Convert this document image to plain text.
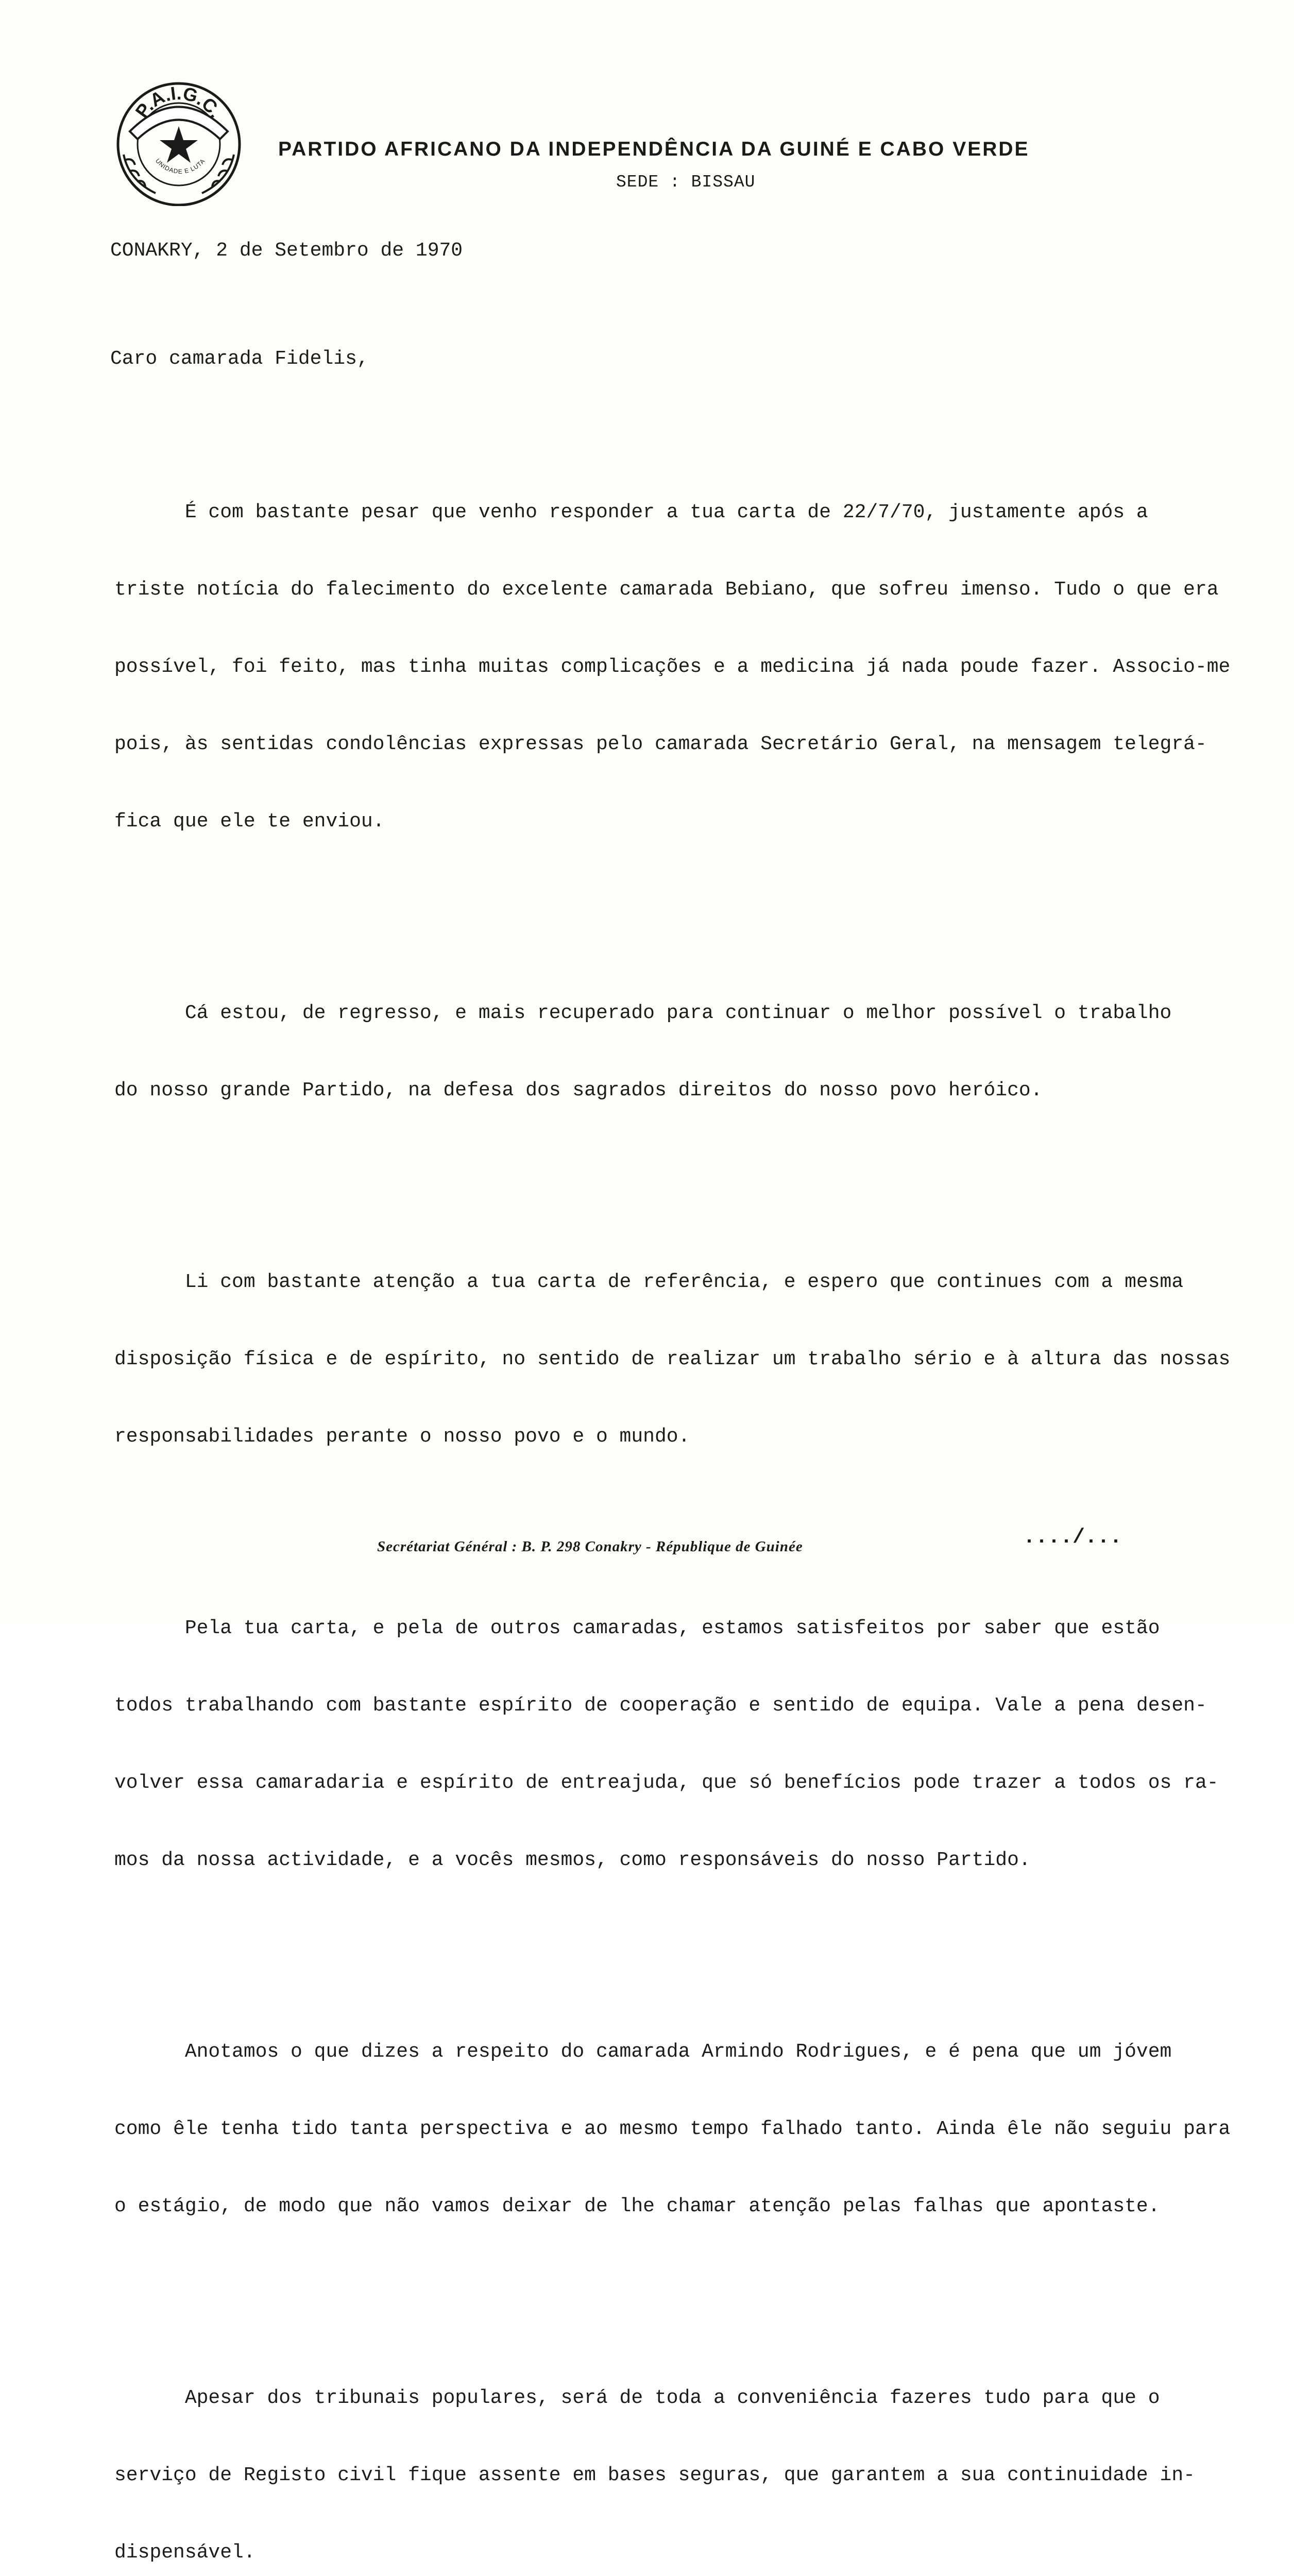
P.A.I.G.C.
UNIDADE E LUTA
PARTIDO AFRICANO DA INDEPENDÊNCIA DA GUINÉ E CABO VERDE
SEDE : BISSAU
CONAKRY, 2 de Setembro de 1970
Caro camarada Fidelis,

É com bastante pesar que venho responder a tua carta de 22/7/70, justamente após a

triste notícia do falecimento do excelente camarada Bebiano, que sofreu imenso. Tudo o que era

possível, foi feito, mas tinha muitas complicações e a medicina já nada poude fazer. Associo-me

pois, às sentidas condolências expressas pelo camarada Secretário Geral, na mensagem telegrá-

fica que ele te enviou.

Cá estou, de regresso, e mais recuperado para continuar o melhor possível o trabalho

do nosso grande Partido, na defesa dos sagrados direitos do nosso povo heróico.

Li com bastante atenção a tua carta de referência, e espero que continues com a mesma

disposição física e de espírito, no sentido de realizar um trabalho sério e à altura das nossas

responsabilidades perante o nosso povo e o mundo.

Pela tua carta, e pela de outros camaradas, estamos satisfeitos por saber que estão

todos trabalhando com bastante espírito de cooperação e sentido de equipa. Vale a pena desen-

volver essa camaradaria e espírito de entreajuda, que só benefícios pode trazer a todos os ra-

mos da nossa actividade, e a vocês mesmos, como responsáveis do nosso Partido.

Anotamos o que dizes a respeito do camarada Armindo Rodrigues, e é pena que um jóvem

como êle tenha tido tanta perspectiva e ao mesmo tempo falhado tanto. Ainda êle não seguiu para

o estágio, de modo que não vamos deixar de lhe chamar atenção pelas falhas que apontaste.

Apesar dos tribunais populares, será de toda a conveniência fazeres tudo para que o

serviço de Registo civil fique assente em bases seguras, que garantem a sua continuidade in-

dispensável.

Secrétariat Général : B. P. 298 Conakry - République de Guinée	..../...
